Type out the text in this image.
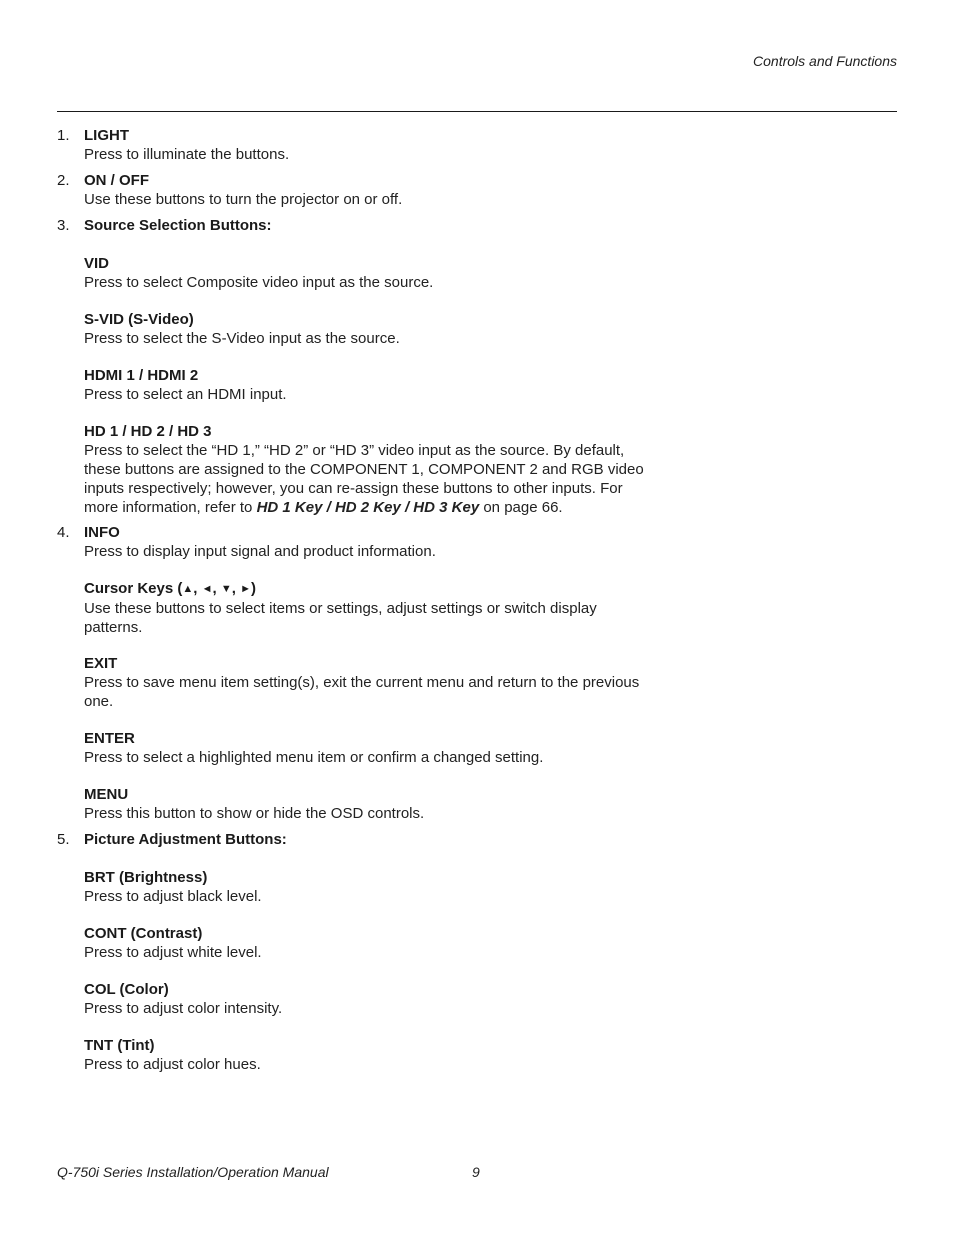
Controls and Functions
1. LIGHT
Press to illuminate the buttons.
2. ON / OFF
Use these buttons to turn the projector on or off.
3. Source Selection Buttons:
VID
Press to select Composite video input as the source.
S-VID (S-Video)
Press to select the S-Video input as the source.
HDMI 1 / HDMI 2
Press to select an HDMI input.
HD 1 / HD 2 / HD 3
Press to select the “HD 1,” “HD 2” or “HD 3” video input as the source. By default, these buttons are assigned to the COMPONENT 1, COMPONENT 2 and RGB video inputs respectively; however, you can re-assign these buttons to other inputs. For more information, refer to HD 1 Key / HD 2 Key / HD 3 Key on page 66.
4. INFO
Press to display input signal and product information.
Cursor Keys (▲, ◄, ▼, ►)
Use these buttons to select items or settings, adjust settings or switch display patterns.
EXIT
Press to save menu item setting(s), exit the current menu and return to the previous one.
ENTER
Press to select a highlighted menu item or confirm a changed setting.
MENU
Press this button to show or hide the OSD controls.
5. Picture Adjustment Buttons:
BRT (Brightness)
Press to adjust black level.
CONT (Contrast)
Press to adjust white level.
COL (Color)
Press to adjust color intensity.
TNT (Tint)
Press to adjust color hues.
Q-750i Series Installation/Operation Manual	9
